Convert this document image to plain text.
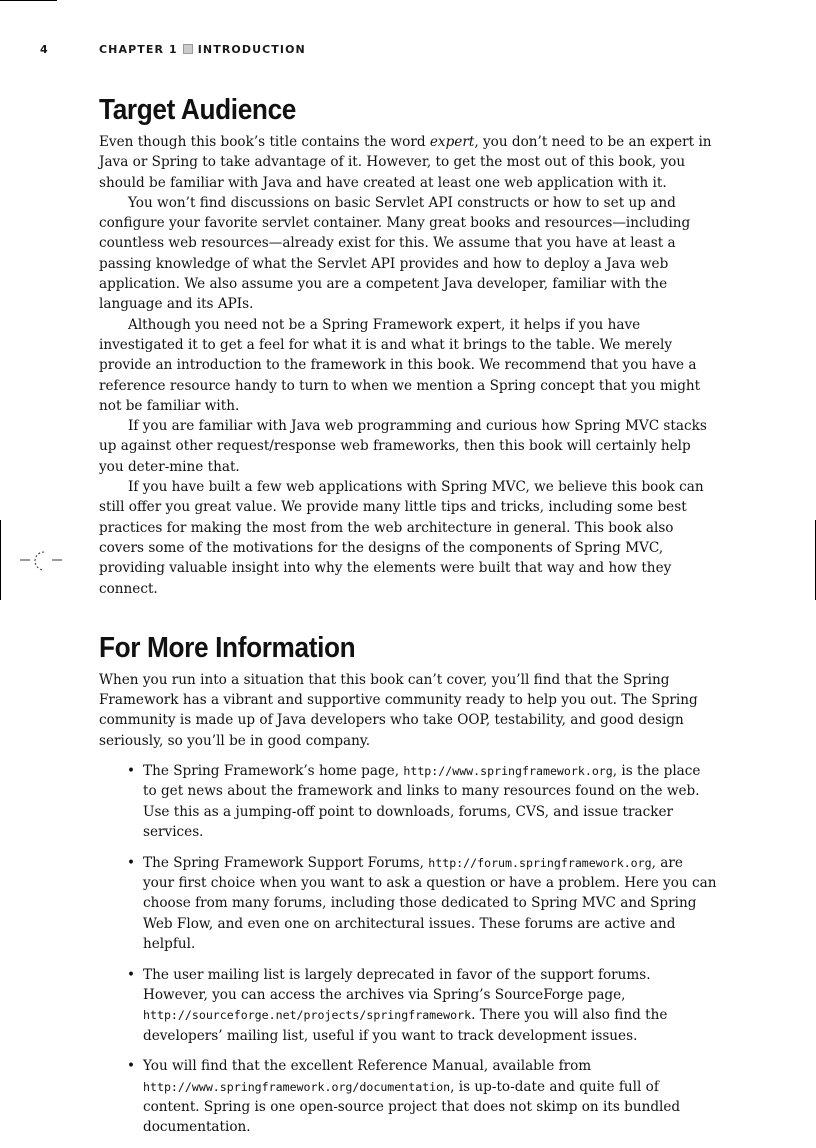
4	CHAPTER 1 INTRODUCTION
Target Audience

Even though this book’s title contains the word expert, you don’t need to be an expert in Java or Spring to take advantage of it. However, to get the most out of this book, you should be familiar with Java and have created at least one web application with it.

You won’t find discussions on basic Servlet API constructs or how to set up and configure your favorite servlet container. Many great books and resources—including countless web resources—already exist for this. We assume that you have at least a passing knowledge of what the Servlet API provides and how to deploy a Java web application. We also assume you are a competent Java developer, familiar with the language and its APIs.

Although you need not be a Spring Framework expert, it helps if you have investigated it to get a feel for what it is and what it brings to the table. We merely provide an introduction to the framework in this book. We recommend that you have a reference resource handy to turn to when we mention a Spring concept that you might not be familiar with.

If you are familiar with Java web programming and curious how Spring MVC stacks up against other request/response web frameworks, then this book will certainly help you deter-mine that.

If you have built a few web applications with Spring MVC, we believe this book can still offer you great value. We provide many little tips and tricks, including some best practices for making the most from the web architecture in general. This book also covers some of the motivations for the designs of the components of Spring MVC, providing valuable insight into why the elements were built that way and how they connect.

For More Information

When you run into a situation that this book can’t cover, you’ll find that the Spring Framework has a vibrant and supportive community ready to help you out. The Spring community is made up of Java developers who take OOP, testability, and good design seriously, so you’ll be in good company.

• The Spring Framework’s home page, http://www.springframework.org, is the place to get news about the framework and links to many resources found on the web. Use this as a jumping-off point to downloads, forums, CVS, and issue tracker services.
• The Spring Framework Support Forums, http://forum.springframework.org, are your first choice when you want to ask a question or have a problem. Here you can choose from many forums, including those dedicated to Spring MVC and Spring Web Flow, and even one on architectural issues. These forums are active and helpful.
• The user mailing list is largely deprecated in favor of the support forums. However, you can access the archives via Spring’s SourceForge page, http://sourceforge.net/projects/springframework. There you will also find the developers’ mailing list, useful if you want to track development issues.
• You will find that the excellent Reference Manual, available from http://www.springframework.org/documentation, is up-to-date and quite full of content. Spring is one open-source project that does not skimp on its bundled documentation.
